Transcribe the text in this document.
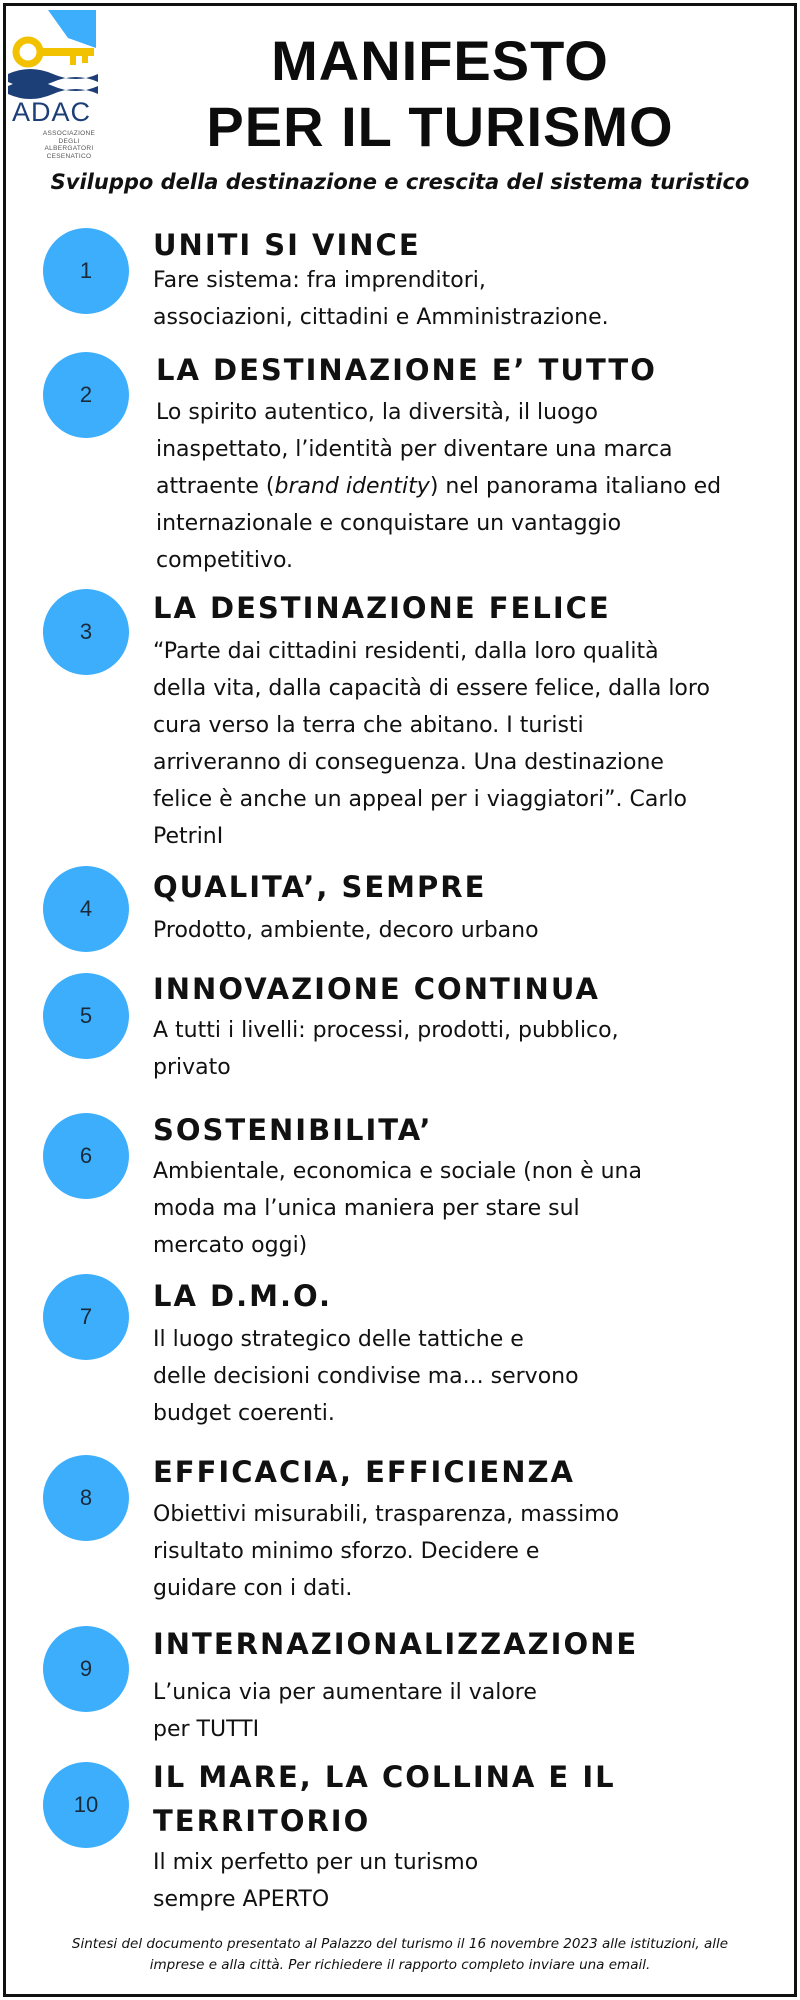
ADAC
ASSOCIAZIONE DEGLI ALBERGATORI CESENATICO
MANIFESTO
PER IL TURISMO
Sviluppo della destinazione e crescita del sistema turistico
1
UNITI SI VINCE
Fare sistema: fra imprenditori,
associazioni, cittadini e Amministrazione.
2
LA DESTINAZIONE E’ TUTTO
Lo spirito autentico, la diversità, il luogo
inaspettato, l’identità per diventare una marca
attraente (brand identity) nel panorama italiano ed
internazionale e conquistare un vantaggio
competitivo.
3
LA DESTINAZIONE FELICE
“Parte dai cittadini residenti, dalla loro qualità
della vita, dalla capacità di essere felice, dalla loro
cura verso la terra che abitano. I turisti
arriveranno di conseguenza. Una destinazione
felice è anche un appeal per i viaggiatori”. Carlo
PetrinI
4
QUALITA’, SEMPRE
Prodotto, ambiente, decoro urbano
5
INNOVAZIONE CONTINUA
A tutti i livelli: processi, prodotti, pubblico,
privato
6
SOSTENIBILITA’
Ambientale, economica e sociale (non è una
moda ma l’unica maniera per stare sul
mercato oggi)
7
LA D.M.O.
Il luogo strategico delle tattiche e
delle decisioni condivise ma... servono
budget coerenti.
8
EFFICACIA, EFFICIENZA
Obiettivi misurabili, trasparenza, massimo
risultato minimo sforzo. Decidere e
guidare con i dati.
9
INTERNAZIONALIZZAZIONE
L’unica via per aumentare il valore
per TUTTI
10
IL MARE, LA COLLINA E IL
TERRITORIO
Il mix perfetto per un turismo
sempre APERTO
Sintesi del documento presentato al Palazzo del turismo il 16 novembre 2023 alle istituzioni, alle
imprese e alla città. Per richiedere il rapporto completo inviare una email.
